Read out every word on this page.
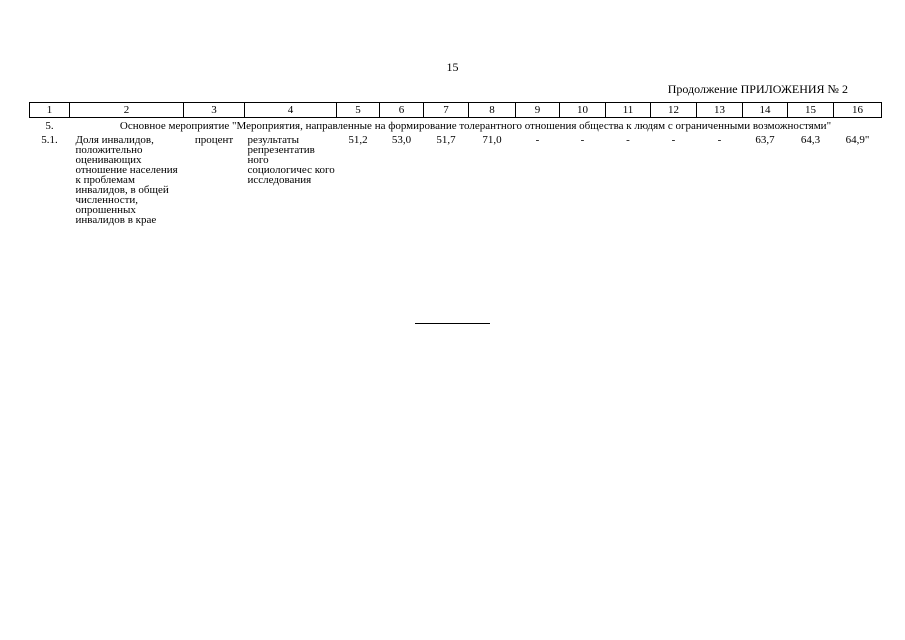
15
Продолжение ПРИЛОЖЕНИЯ № 2
1	2	3	4	5	6	7	8	9	10	11	12	13	14	15	16
5.	Основное мероприятие "Мероприятия, направленные на формирование толерантного отношения общества к людям с ограниченными возможностями"														
5.1.	Доля инвалидов, положительно оценивающих отношение населения к проблемам инвалидов, в общей численности, опрошенных инвалидов в крае	процент	результаты репрезентатив ного социологичес кого исследования	51,2	53,0	51,7	71,0	-	-	-	-	-	63,7	64,3	64,9"
